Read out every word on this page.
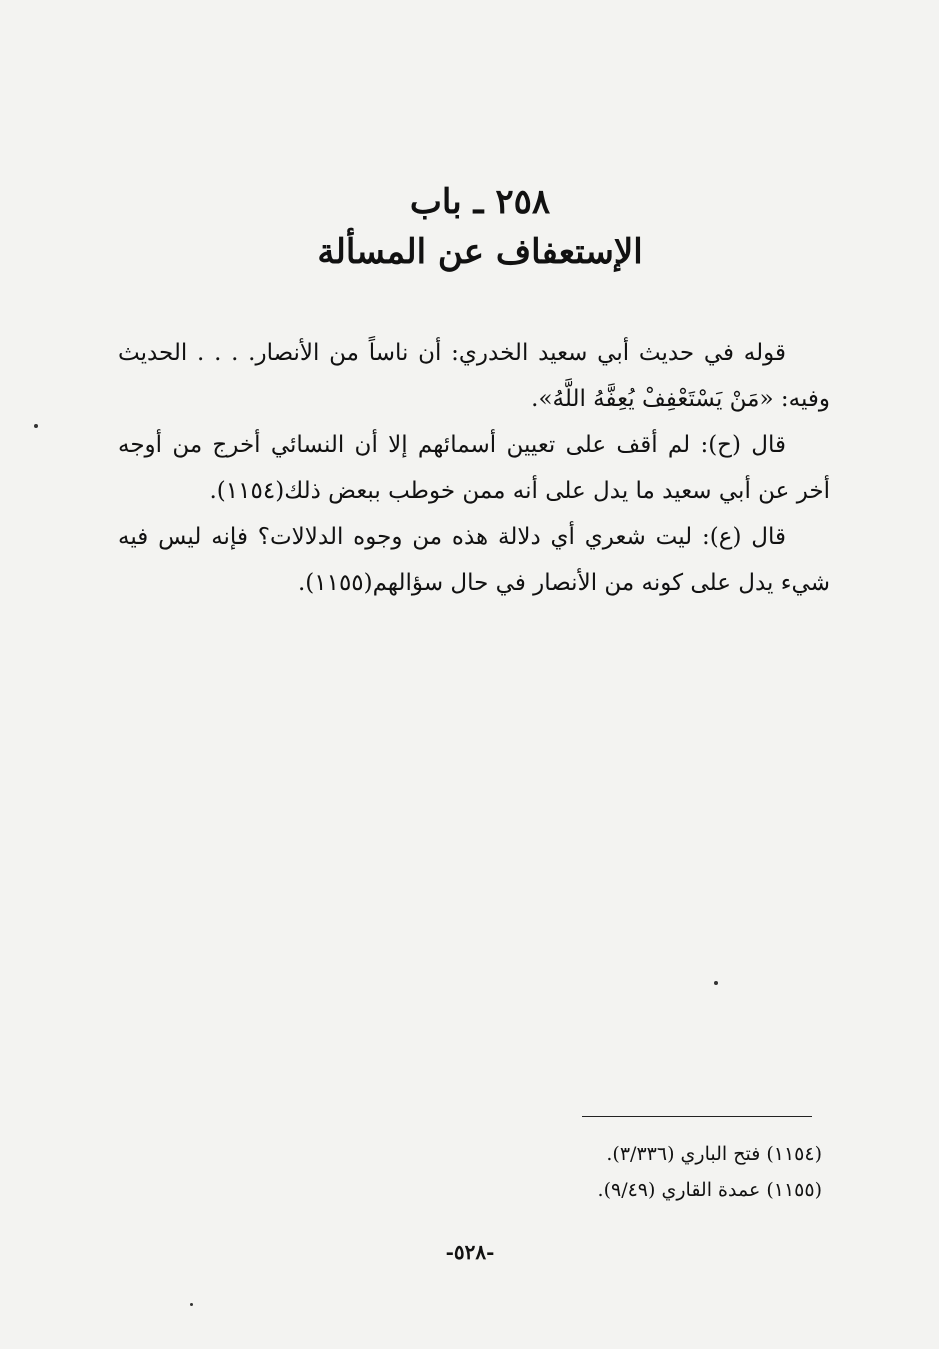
٢٥٨ ـ باب
الإستعفاف عن المسألة

قوله في حديث أبي سعيد الخدري: أن ناساً من الأنصار. . . . الحديث وفيه: «مَنْ يَسْتَعْفِفْ يُعِفَّهُ اللَّهُ».

قال (ح): لم أقف على تعيين أسمائهم إلا أن النسائي أخرج من أوجه أخر عن أبي سعيد ما يدل على أنه ممن خوطب ببعض ذلك(١١٥٤).

قال (ع): ليت شعري أي دلالة هذه من وجوه الدلالات؟ فإنه ليس فيه شيء يدل على كونه من الأنصار في حال سؤالهم(١١٥٥).

(١١٥٤) فتح الباري (٣/٣٣٦).

(١١٥٥) عمدة القاري (٩/٤٩).

-٥٢٨-
